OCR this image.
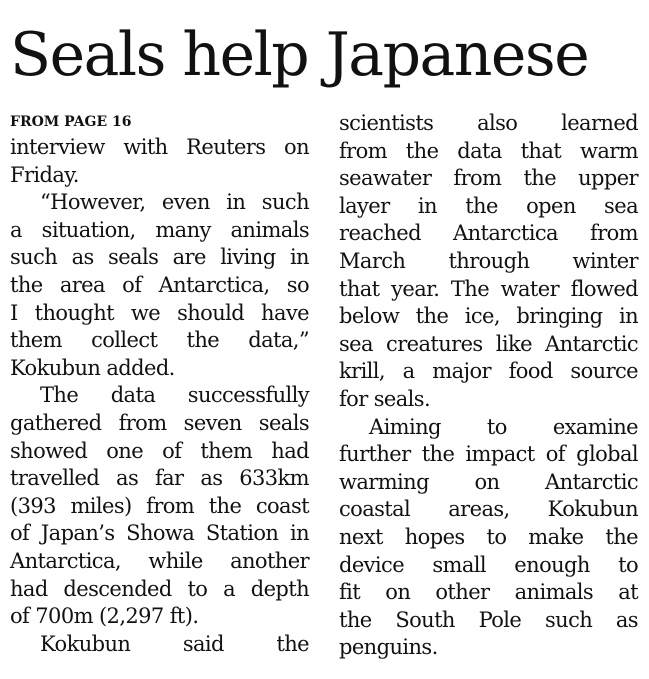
Seals help Japanese
FROM PAGE 16
interview with Reuters on
Friday.
“However, even in such
a situation, many animals
such as seals are living in
the area of Antarctica, so
I thought we should have
them collect the data,”
Kokubun added.
The data successfully
gathered from seven seals
showed one of them had
travelled as far as 633km
(393 miles) from the coast
of Japan’s Showa Station in
Antarctica, while another
had descended to a depth
of 700m (2,297 ft).
Kokubun said the
scientists also learned
from the data that warm
seawater from the upper
layer in the open sea
reached Antarctica from
March through winter
that year. The water flowed
below the ice, bringing in
sea creatures like Antarctic
krill, a major food source
for seals.
Aiming to examine
further the impact of global
warming on Antarctic
coastal areas, Kokubun
next hopes to make the
device small enough to
fit on other animals at
the South Pole such as
penguins.
